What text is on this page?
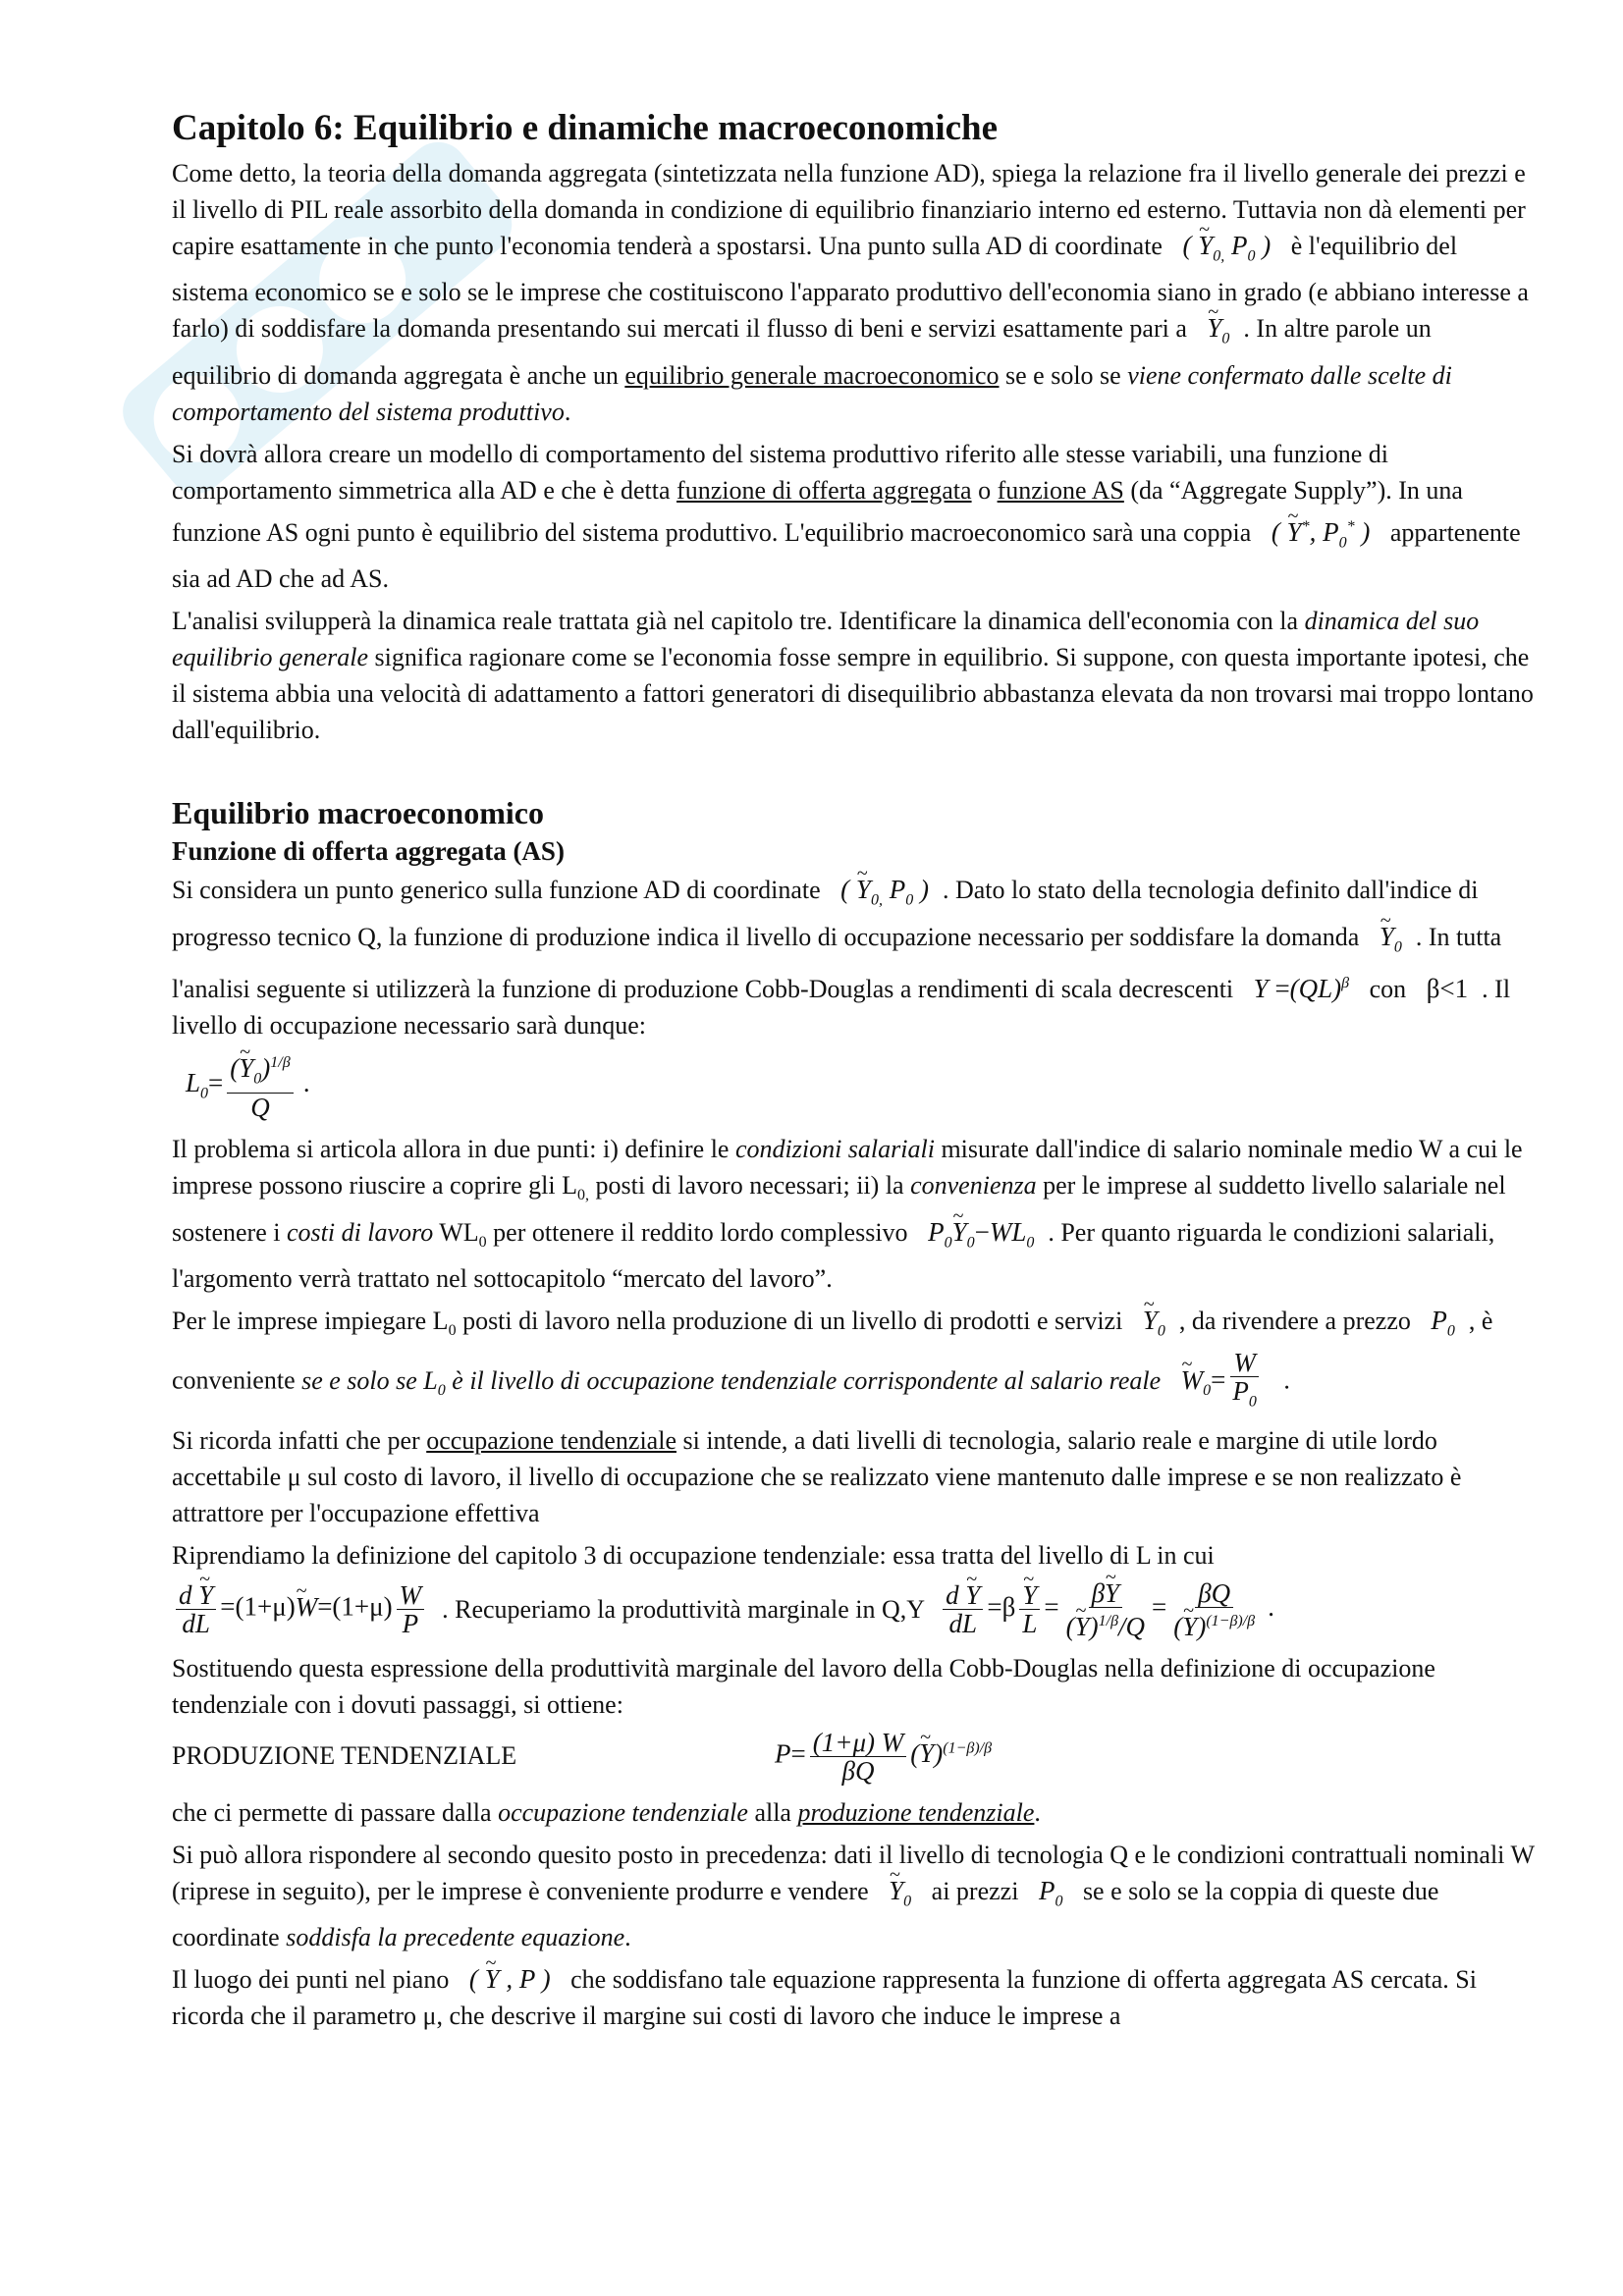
Capitolo 6: Equilibrio e dinamiche macroeconomiche

Come detto, la teoria della domanda aggregata (sintetizzata nella funzione AD), spiega la relazione fra il livello generale dei prezzi e il livello di PIL reale assorbito della domanda in condizione di equilibrio finanziario interno ed esterno. Tuttavia non dà elementi per capire esattamente in che punto l'economia tenderà a spostarsi. Una punto sulla AD di coordinate ( ~ $Y_{0,}$ $P_0$ ) è l'equilibrio del sistema economico se e solo se le imprese che costituiscono l'apparato produttivo dell'economia siano in grado (e abbiano interesse a farlo) di soddisfare la domanda presentando sui mercati il flusso di beni e servizi esattamente pari a ~ $Y_0$ . In altre parole un equilibrio di domanda aggregata è anche un equilibrio generale macroeconomico se e solo se viene confermato dalle scelte di comportamento del sistema produttivo.

Si dovrà allora creare un modello di comportamento del sistema produttivo riferito alle stesse variabili, una funzione di comportamento simmetrica alla AD e che è detta funzione di offerta aggregata o funzione AS (da “Aggregate Supply”). In una funzione AS ogni punto è equilibrio del sistema produttivo. L'equilibrio macroeconomico sarà una coppia ( ~ Y*, $P_0^*$ ) appartenente sia ad AD che ad AS.

L'analisi svilupperà la dinamica reale trattata già nel capitolo tre. Identificare la dinamica dell'economia con la dinamica del suo equilibrio generale significa ragionare come se l'economia fosse sempre in equilibrio. Si suppone, con questa importante ipotesi, che il sistema abbia una velocità di adattamento a fattori generatori di disequilibrio abbastanza elevata da non trovarsi mai troppo lontano dall'equilibrio.

Equilibrio macroeconomico
Funzione di offerta aggregata (AS)

Si considera un punto generico sulla funzione AD di coordinate ( ~ $Y_{0,}$ $P_0$ ) . Dato lo stato della tecnologia definito dall'indice di progresso tecnico Q, la funzione di produzione indica il livello di occupazione necessario per soddisfare la domanda ~ $Y_0$ . In tutta l'analisi seguente si utilizzerà la funzione di produzione Cobb-Douglas a rendimenti di scala decrescenti Y =(QL)$^\beta$ con β<1 . Il livello di occupazione necessario sarà dunque:

$L_0= \frac{(\sim Y_0)^{1/\beta}}{Q}$ .

Il problema si articola allora in due punti: i) definire le condizioni salariali misurate dall'indice di salario nominale medio W a cui le imprese possono riuscire a coprire gli $L_{0,}$ posti di lavoro necessari; ii) la convenienza per le imprese al suddetto livello salariale nel sostenere i costi di lavoro $WL_0$ per ottenere il reddito lordo complessivo $P_0\sim$ $Y_0-WL_0$ . Per quanto riguarda le condizioni salariali, l'argomento verrà trattato nel sottocapitolo “mercato del lavoro”.

Per le imprese impiegare $L_0$ posti di lavoro nella produzione di un livello di prodotti e servizi ~ $Y_0$ , da rivendere a prezzo $P_0$ , è conveniente se e solo se $L_0$ è il livello di occupazione tendenziale corrispondente al salario reale ~ $W_0= \frac{W}{P_0}$ .

Si ricorda infatti che per occupazione tendenziale si intende, a dati livelli di tecnologia, salario reale e margine di utile lordo accettabile μ sul costo di lavoro, il livello di occupazione che se realizzato viene mantenuto dalle imprese e se non realizzato è attrattore per l'occupazione effettiva

Riprendiamo la definizione del capitolo 3 di occupazione tendenziale: essa tratta del livello di L in cui

$\frac{d \sim Y}{dL}$ =(1+μ)~ $W=(1+\mu) \frac{W}{P}$ . Recuperiamo la produttività marginale in $Q,Y \frac{d \sim Y}{dL} =\beta$ ~ $\frac{Y}{L} = \frac{\beta\sim Y}{(\sim Y)^{1/\beta}/Q} = \frac{\beta Q}{(\sim Y)^{(1-\beta)/\beta}}$ .

Sostituendo questa espressione della produttività marginale del lavoro della Cobb-Douglas nella definizione di occupazione tendenziale con i dovuti passaggi, si ottiene:

PRODUZIONE TENDENZIALE	$P= \frac{(1+\mu) W}{\beta Q}$ (~ Y)$^{(1-\beta)/\beta}$

che ci permette di passare dalla occupazione tendenziale alla produzione tendenziale.

Si può allora rispondere al secondo quesito posto in precedenza: dati il livello di tecnologia Q e le condizioni contrattuali nominali W (riprese in seguito), per le imprese è conveniente produrre e vendere ~ $Y_0$ ai prezzi $P_0$ se e solo se la coppia di queste due coordinate soddisfa la precedente equazione.

Il luogo dei punti nel piano ( ~ Y , P ) che soddisfano tale equazione rappresenta la funzione di offerta aggregata AS cercata. Si ricorda che il parametro μ, che descrive il margine sui costi di lavoro che induce le imprese a
